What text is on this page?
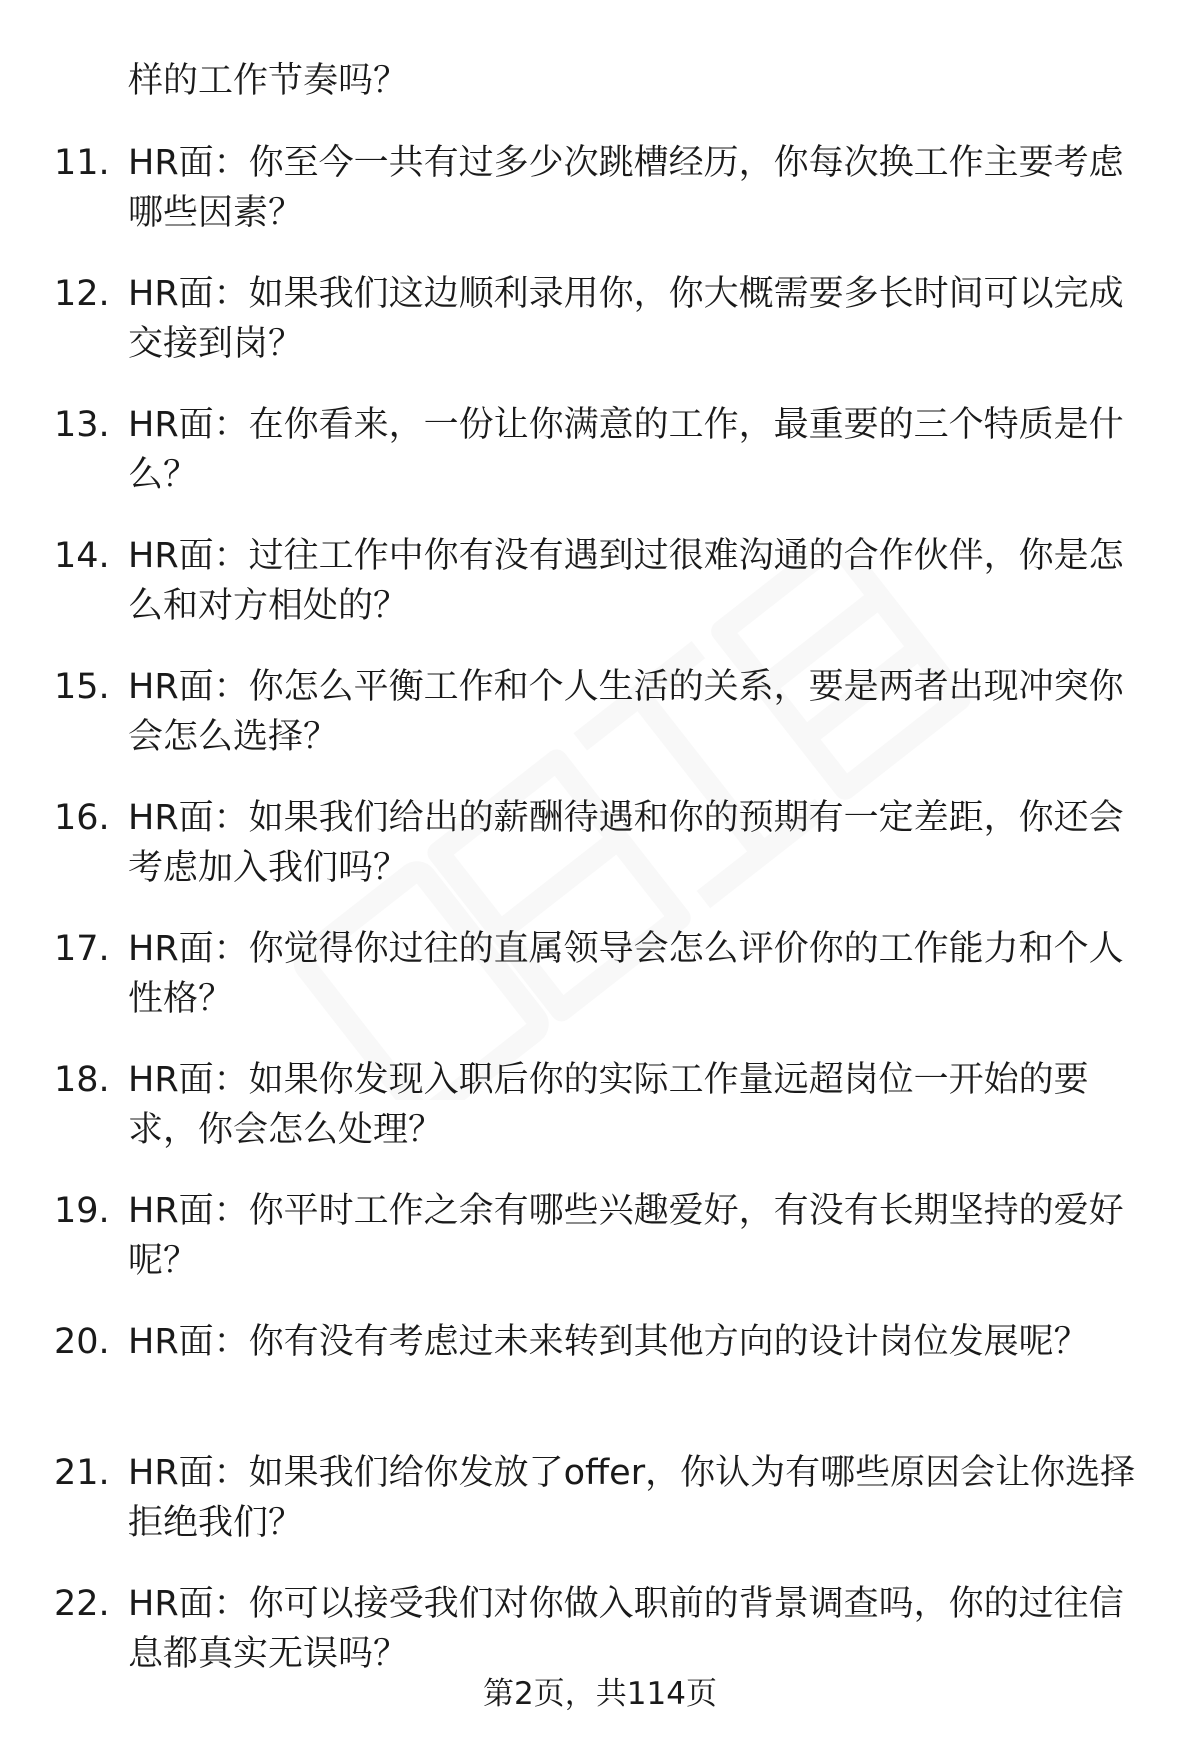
样的工作节奏吗？
11. HR面：你至今一共有过多少次跳槽经历，你每次换工作主要考虑哪些因素？
12. HR面：如果我们这边顺利录用你，你大概需要多长时间可以完成交接到岗？
13. HR面：在你看来，一份让你满意的工作，最重要的三个特质是什么？
14. HR面：过往工作中你有没有遇到过很难沟通的合作伙伴，你是怎么和对方相处的？
15. HR面：你怎么平衡工作和个人生活的关系，要是两者出现冲突你会怎么选择？
16. HR面：如果我们给出的薪酬待遇和你的预期有一定差距，你还会考虑加入我们吗？
17. HR面：你觉得你过往的直属领导会怎么评价你的工作能力和个人性格？
18. HR面：如果你发现入职后你的实际工作量远超岗位一开始的要求，你会怎么处理？
19. HR面：你平时工作之余有哪些兴趣爱好，有没有长期坚持的爱好呢？
20. HR面：你有没有考虑过未来转到其他方向的设计岗位发展呢？
21. HR面：如果我们给你发放了offer，你认为有哪些原因会让你选择拒绝我们？
22. HR面：你可以接受我们对你做入职前的背景调查吗，你的过往信息都真实无误吗？
第2页，共114页
